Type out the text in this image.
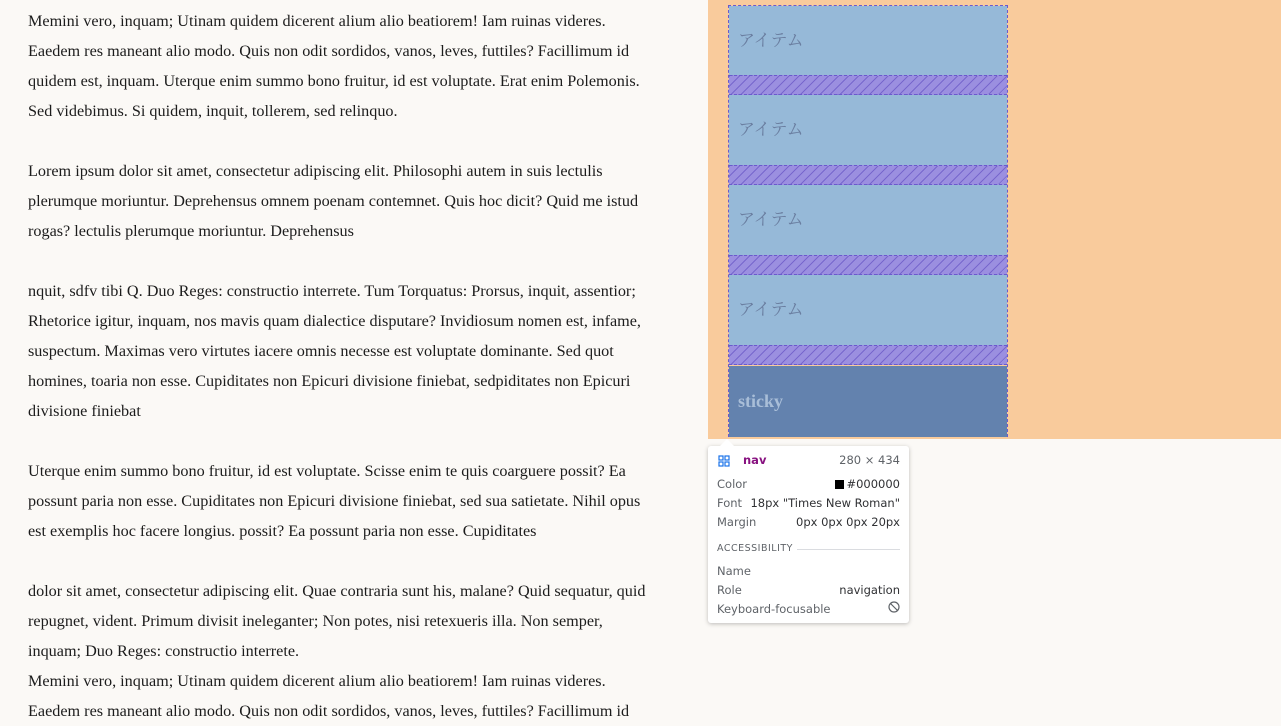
Memini vero, inquam; Utinam quidem dicerent alium alio beatiorem! Iam ruinas videres.
Eaedem res maneant alio modo. Quis non odit sordidos, vanos, leves, futtiles? Facillimum id
quidem est, inquam. Uterque enim summo bono fruitur, id est voluptate. Erat enim Polemonis.
Sed videbimus. Si quidem, inquit, tollerem, sed relinquo.

Lorem ipsum dolor sit amet, consectetur adipiscing elit. Philosophi autem in suis lectulis
plerumque moriuntur. Deprehensus omnem poenam contemnet. Quis hoc dicit? Quid me istud
rogas? lectulis plerumque moriuntur. Deprehensus

nquit, sdfv tibi Q. Duo Reges: constructio interrete. Tum Torquatus: Prorsus, inquit, assentior;
Rhetorice igitur, inquam, nos mavis quam dialectice disputare? Invidiosum nomen est, infame,
suspectum. Maximas vero virtutes iacere omnis necesse est voluptate dominante. Sed quot
homines, toaria non esse. Cupiditates non Epicuri divisione finiebat, sedpiditates non Epicuri
divisione finiebat

Uterque enim summo bono fruitur, id est voluptate. Scisse enim te quis coarguere possit? Ea
possunt paria non esse. Cupiditates non Epicuri divisione finiebat, sed sua satietate. Nihil opus
est exemplis hoc facere longius. possit? Ea possunt paria non esse. Cupiditates

dolor sit amet, consectetur adipiscing elit. Quae contraria sunt his, malane? Quid sequatur, quid
repugnet, vident. Primum divisit ineleganter; Non potes, nisi retexueris illa. Non semper,
inquam; Duo Reges: constructio interrete.
Memini vero, inquam; Utinam quidem dicerent alium alio beatiorem! Iam ruinas videres.
Eaedem res maneant alio modo. Quis non odit sordidos, vanos, leves, futtiles? Facillimum id

アイテム
アイテム
アイテム
アイテム
sticky
nav	280 × 434
Color	#000000
Font 18px "Times New Roman"
Margin	0px 0px 0px 20px
ACCESSIBILITY
Name
Role	navigation
Keyboard-focusable
